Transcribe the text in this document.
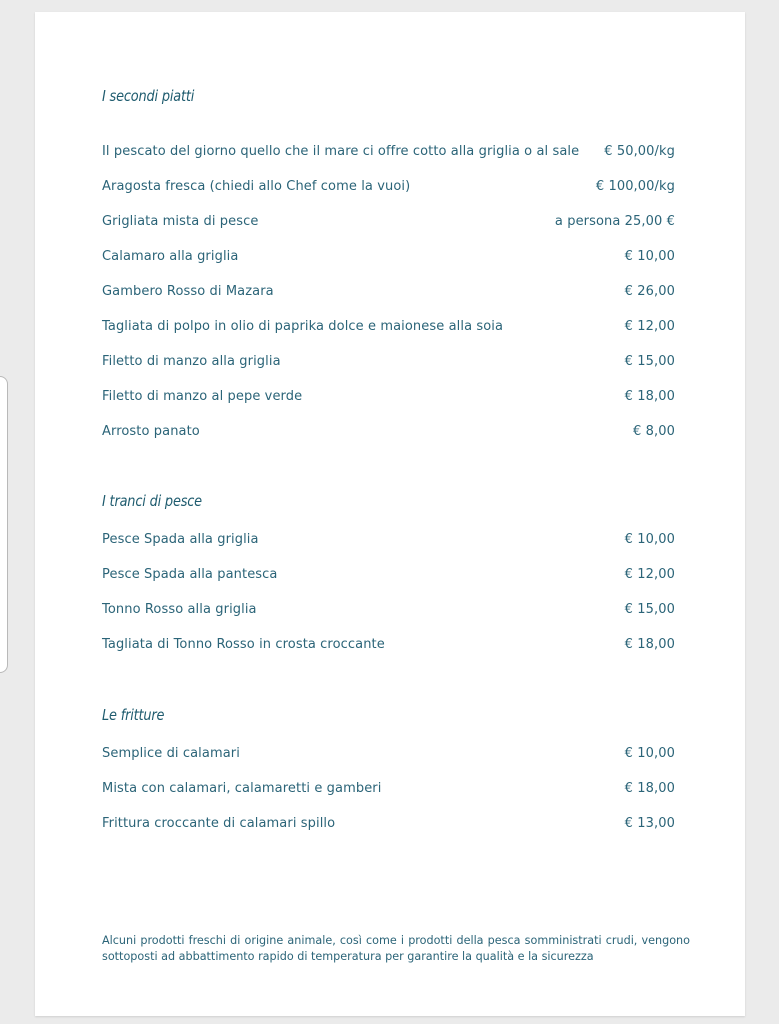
I secondi piatti
Il pescato del giorno quello che il mare ci offre cotto alla griglia o al sale € 50,00/kg
Aragosta fresca (chiedi allo Chef come la vuoi)	€ 100,00/kg
Grigliata mista di pesce	a persona 25,00 €
Calamaro alla griglia	€ 10,00
Gambero Rosso di Mazara	€ 26,00
Tagliata di polpo in olio di paprika dolce e maionese alla soia	€ 12,00
Filetto di manzo alla griglia	€ 15,00
Filetto di manzo al pepe verde	€ 18,00
Arrosto panato	€ 8,00
I tranci di pesce
Pesce Spada alla griglia	€ 10,00
Pesce Spada alla pantesca	€ 12,00
Tonno Rosso alla griglia	€ 15,00
Tagliata di Tonno Rosso in crosta croccante	€ 18,00
Le fritture
Semplice di calamari	€ 10,00
Mista con calamari, calamaretti e gamberi	€ 18,00
Frittura croccante di calamari spillo	€ 13,00

Alcuni prodotti freschi di origine animale, così come i prodotti della pesca somministrati crudi, vengono sottoposti ad abbattimento rapido di temperatura per garantire la qualità e la sicurezza
